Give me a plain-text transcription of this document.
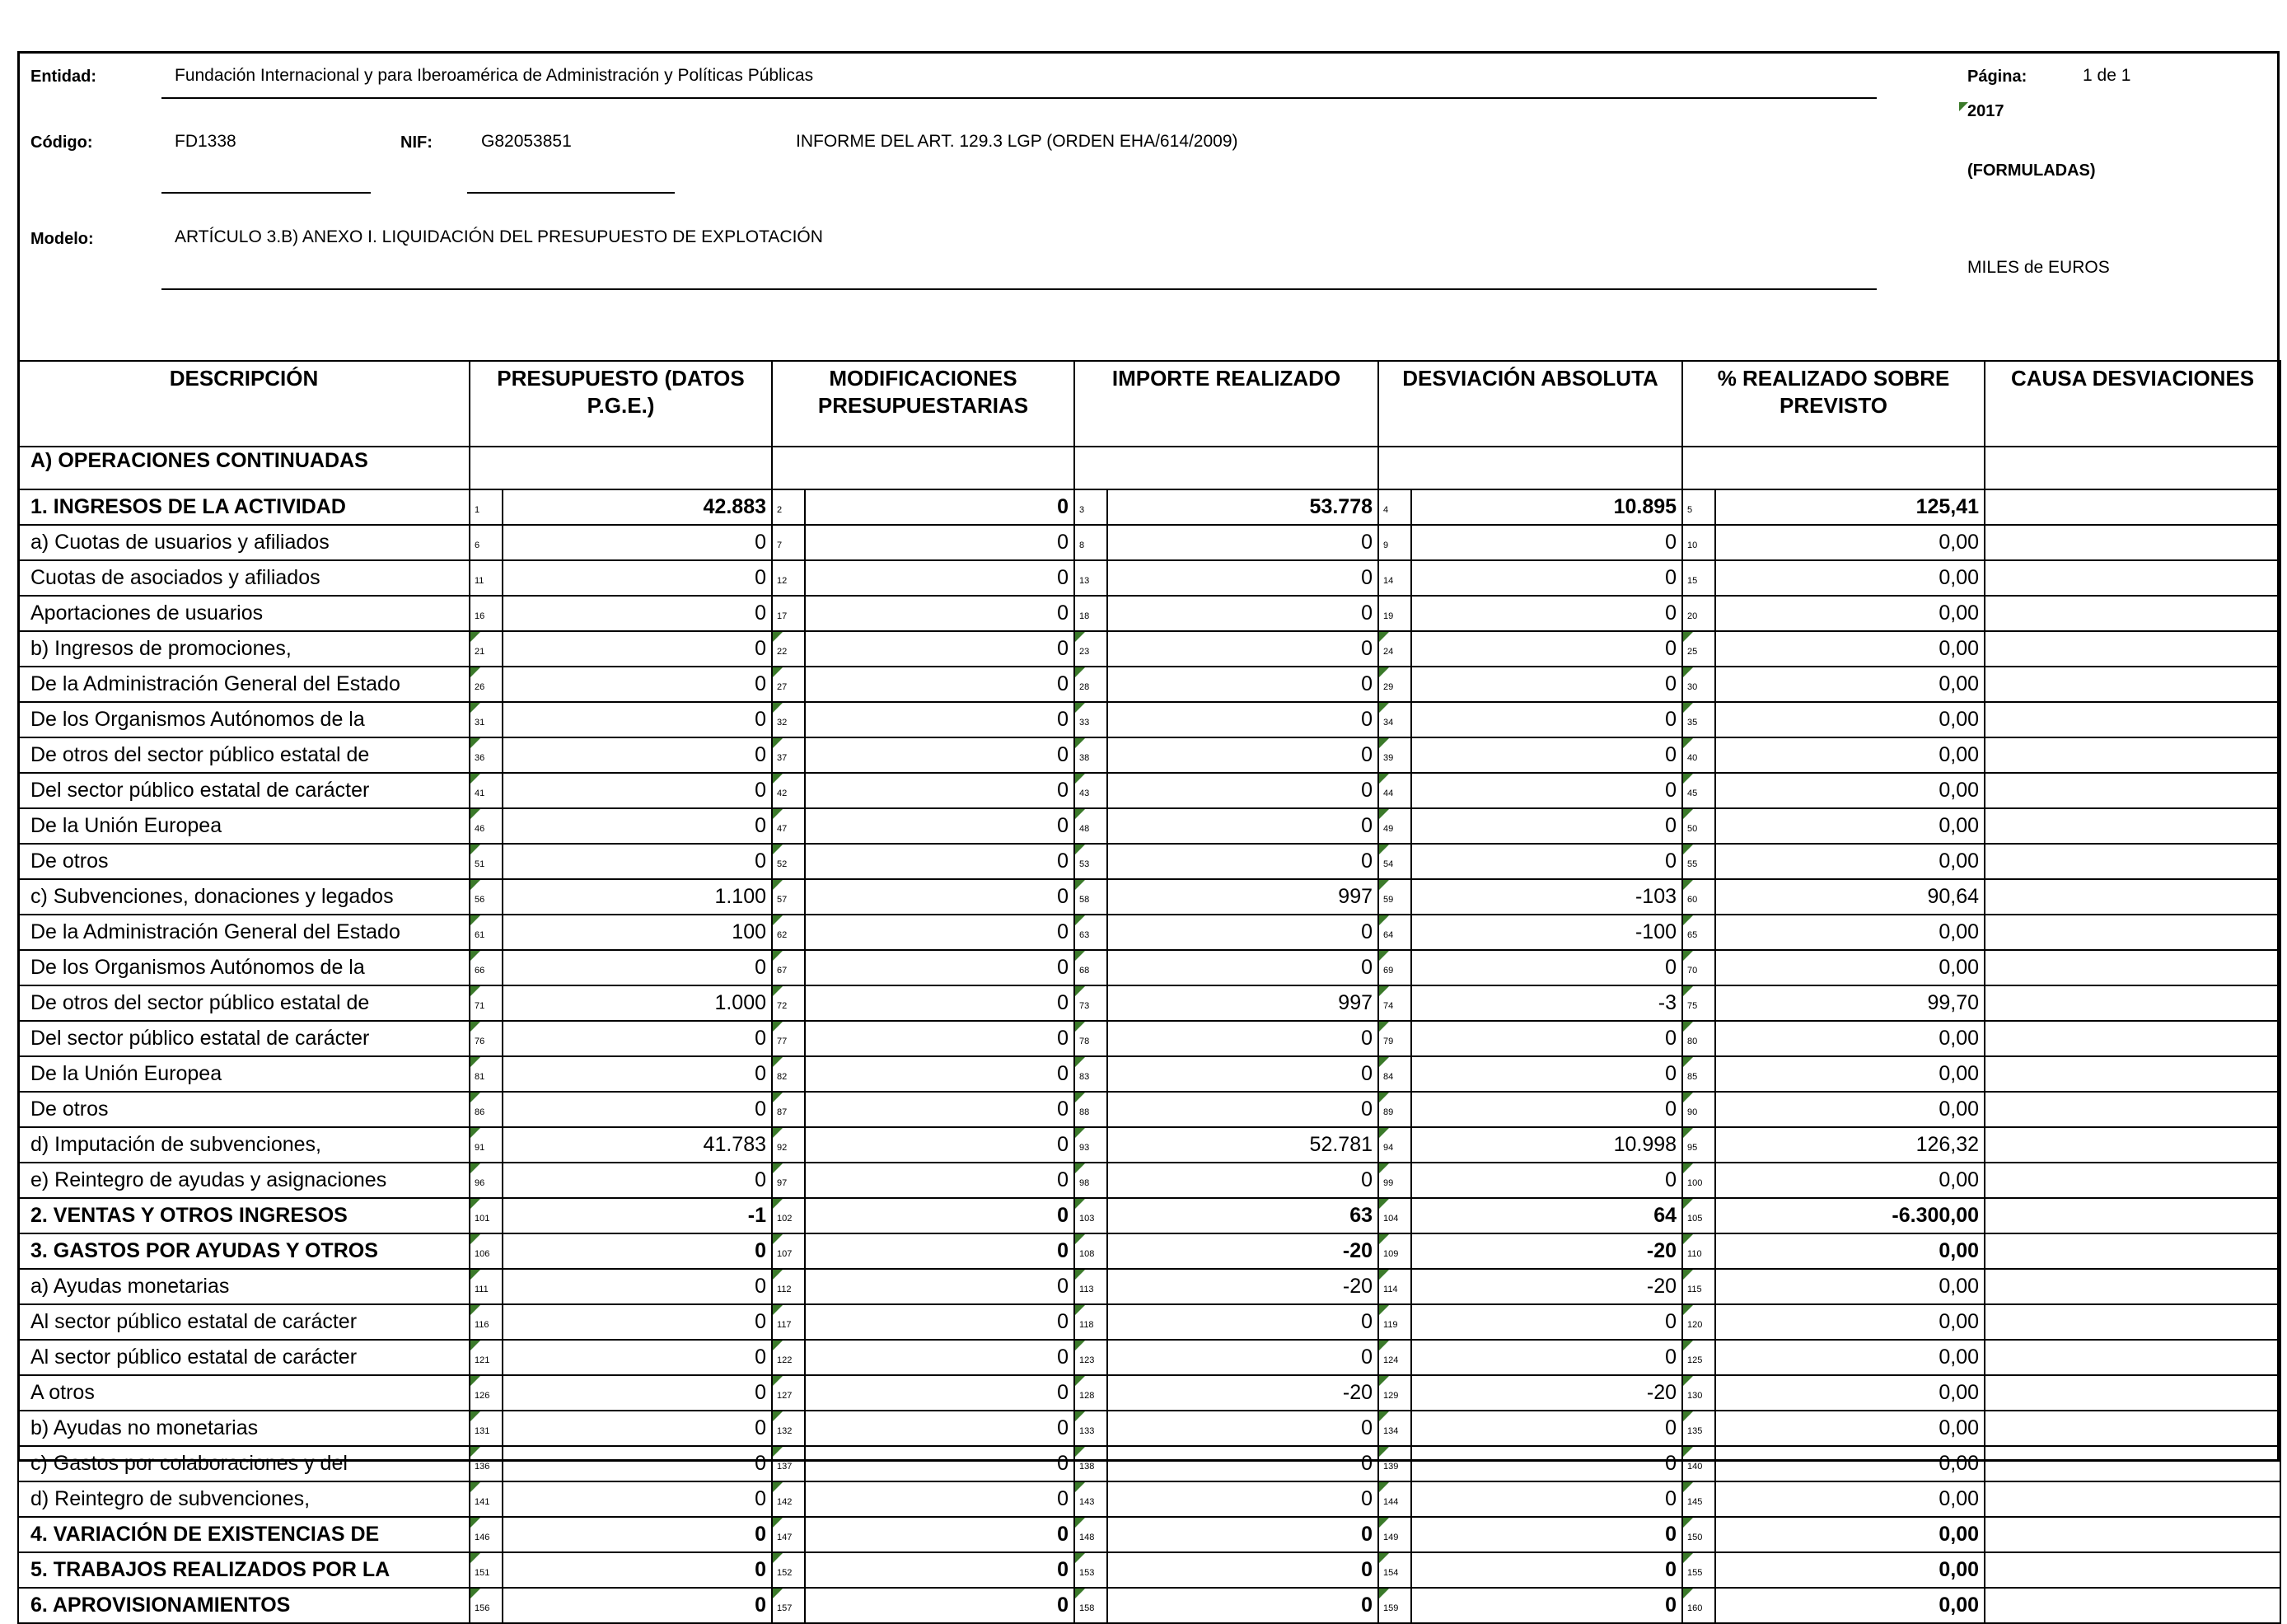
Entidad:	Fundación Internacional y para Iberoamérica de Administración y Políticas Públicas	Página:	1 de 1
2017
Código:	FD1338	NIF:	G82053851	INFORME DEL ART. 129.3 LGP (ORDEN EHA/614/2009)
(FORMULADAS)
Modelo:	ARTÍCULO 3.B) ANEXO I. LIQUIDACIÓN DEL PRESUPUESTO DE EXPLOTACIÓN
MILES de EUROS
DESCRIPCIÓN	PRESUPUESTO (DATOS P.G.E.)		MODIFICACIONES PRESUPUESTARIAS		IMPORTE REALIZADO		DESVIACIÓN ABSOLUTA		% REALIZADO SOBRE PREVISTO		CAUSA DESVIACIONES
A) OPERACIONES CONTINUADAS											
1. INGRESOS DE LA ACTIVIDAD	1	42.883	2	0	3	53.778	4	10.895	5	125,41	
a) Cuotas de usuarios y afiliados	6	0	7	0	8	0	9	0	10	0,00	
Cuotas de asociados y afiliados	11	0	12	0	13	0	14	0	15	0,00	
Aportaciones de usuarios	16	0	17	0	18	0	19	0	20	0,00	
b) Ingresos de promociones,	21	0	22	0	23	0	24	0	25	0,00	
De la Administración General del Estado	26	0	27	0	28	0	29	0	30	0,00	
De los Organismos Autónomos de la	31	0	32	0	33	0	34	0	35	0,00	
De otros del sector público estatal de	36	0	37	0	38	0	39	0	40	0,00	
Del sector público estatal de carácter	41	0	42	0	43	0	44	0	45	0,00	
De la Unión Europea	46	0	47	0	48	0	49	0	50	0,00	
De otros	51	0	52	0	53	0	54	0	55	0,00	
c) Subvenciones, donaciones y legados	56	1.100	57	0	58	997	59	-103	60	90,64	
De la Administración General del Estado	61	100	62	0	63	0	64	-100	65	0,00	
De los Organismos Autónomos de la	66	0	67	0	68	0	69	0	70	0,00	
De otros del sector público estatal de	71	1.000	72	0	73	997	74	-3	75	99,70	
Del sector público estatal de carácter	76	0	77	0	78	0	79	0	80	0,00	
De la Unión Europea	81	0	82	0	83	0	84	0	85	0,00	
De otros	86	0	87	0	88	0	89	0	90	0,00	
d) Imputación de subvenciones,	91	41.783	92	0	93	52.781	94	10.998	95	126,32	
e) Reintegro de ayudas y asignaciones	96	0	97	0	98	0	99	0	100	0,00	
2. VENTAS Y OTROS INGRESOS	101	-1	102	0	103	63	104	64	105	-6.300,00	
3. GASTOS POR AYUDAS Y OTROS	106	0	107	0	108	-20	109	-20	110	0,00	
a) Ayudas monetarias	111	0	112	0	113	-20	114	-20	115	0,00	
Al sector público estatal de carácter	116	0	117	0	118	0	119	0	120	0,00	
Al sector público estatal de carácter	121	0	122	0	123	0	124	0	125	0,00	
A otros	126	0	127	0	128	-20	129	-20	130	0,00	
b) Ayudas no monetarias	131	0	132	0	133	0	134	0	135	0,00	
c) Gastos por colaboraciones y del	136	0	137	0	138	0	139	0	140	0,00	
d) Reintegro de subvenciones,	141	0	142	0	143	0	144	0	145	0,00	
4. VARIACIÓN DE EXISTENCIAS DE	146	0	147	0	148	0	149	0	150	0,00	
5. TRABAJOS REALIZADOS POR LA	151	0	152	0	153	0	154	0	155	0,00	
6. APROVISIONAMIENTOS	156	0	157	0	158	0	159	0	160	0,00	
